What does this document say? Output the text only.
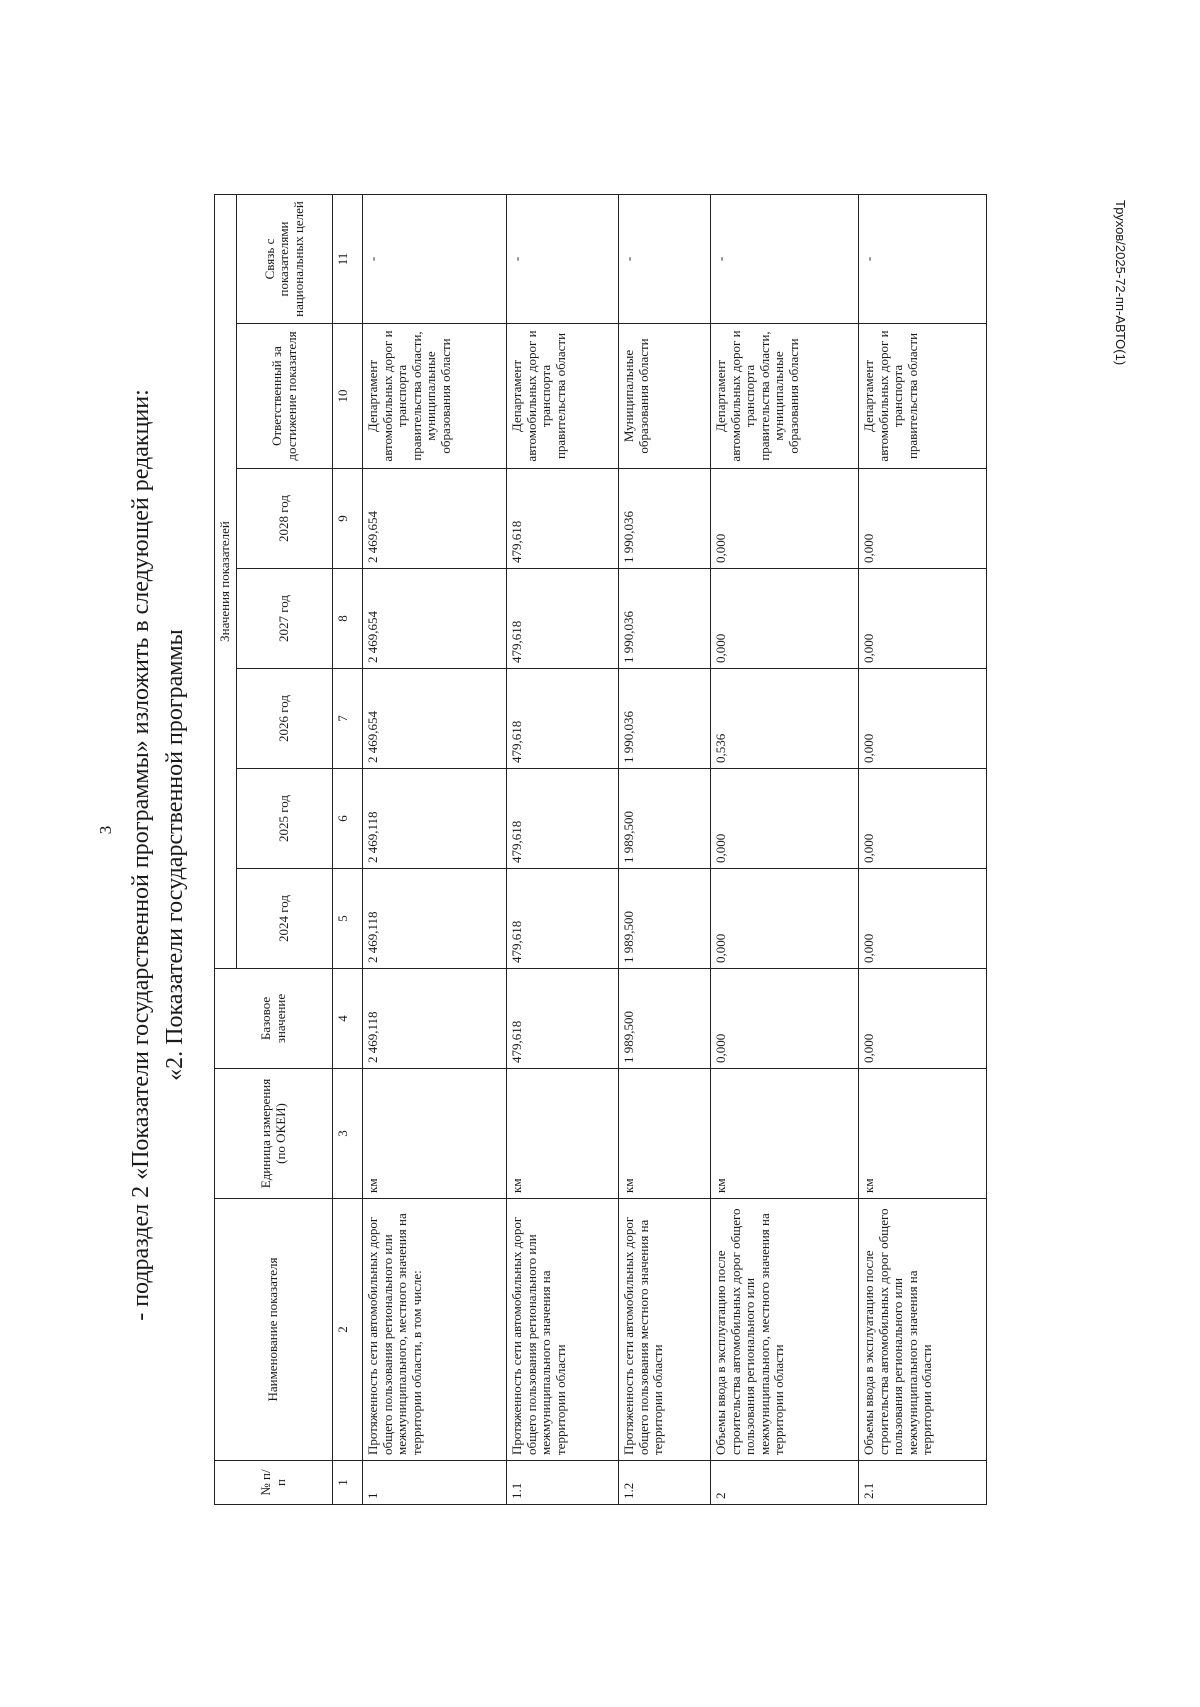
3
Трухов/2025-72-пп-АВТО(1)
- подраздел 2 «Показатели государственной программы» изложить в следующей редакции: «2. Показатели государственной программы
№ п/п	Наименование показателя	Единица измерения (по ОКЕИ)	Базовое значение	Значения показателей						
				2024 год	2025 год	2026 год	2027 год	2028 год	Ответственный за достижение показателя	Связь с показателями национальных целей
1	2	3	4	5	6	7	8	9	10	11
1	Протяженность сети автомобильных дорог общего пользования регионального или межмуниципального, местного значения на территории области, в том числе:	км	2 469,118	2 469,118	2 469,118	2 469,654	2 469,654	2 469,654	Департамент автомобильных дорог и транспорта правительства области, муниципальные образования области	-
1.1	Протяженность сети автомобильных дорог общего пользования регионального или межмуниципального значения на территории области	км	479,618	479,618	479,618	479,618	479,618	479,618	Департамент автомобильных дорог и транспорта правительства области	-
1.2	Протяженность сети автомобильных дорог общего пользования местного значения на территории области	км	1 989,500	1 989,500	1 989,500	1 990,036	1 990,036	1 990,036	Муниципальные образования области	-
2	Объемы ввода в эксплуатацию после строительства автомобильных дорог общего пользования регионального или межмуниципального, местного значения на территории области	км	0,000	0,000	0,000	0,536	0,000	0,000	Департамент автомобильных дорог и транспорта правительства области, муниципальные образования области	-
2.1	Объемы ввода в эксплуатацию после строительства автомобильных дорог общего пользования регионального или межмуниципального значения на территории области	км	0,000	0,000	0,000	0,000	0,000	0,000	Департамент автомобильных дорог и транспорта правительства области	-
